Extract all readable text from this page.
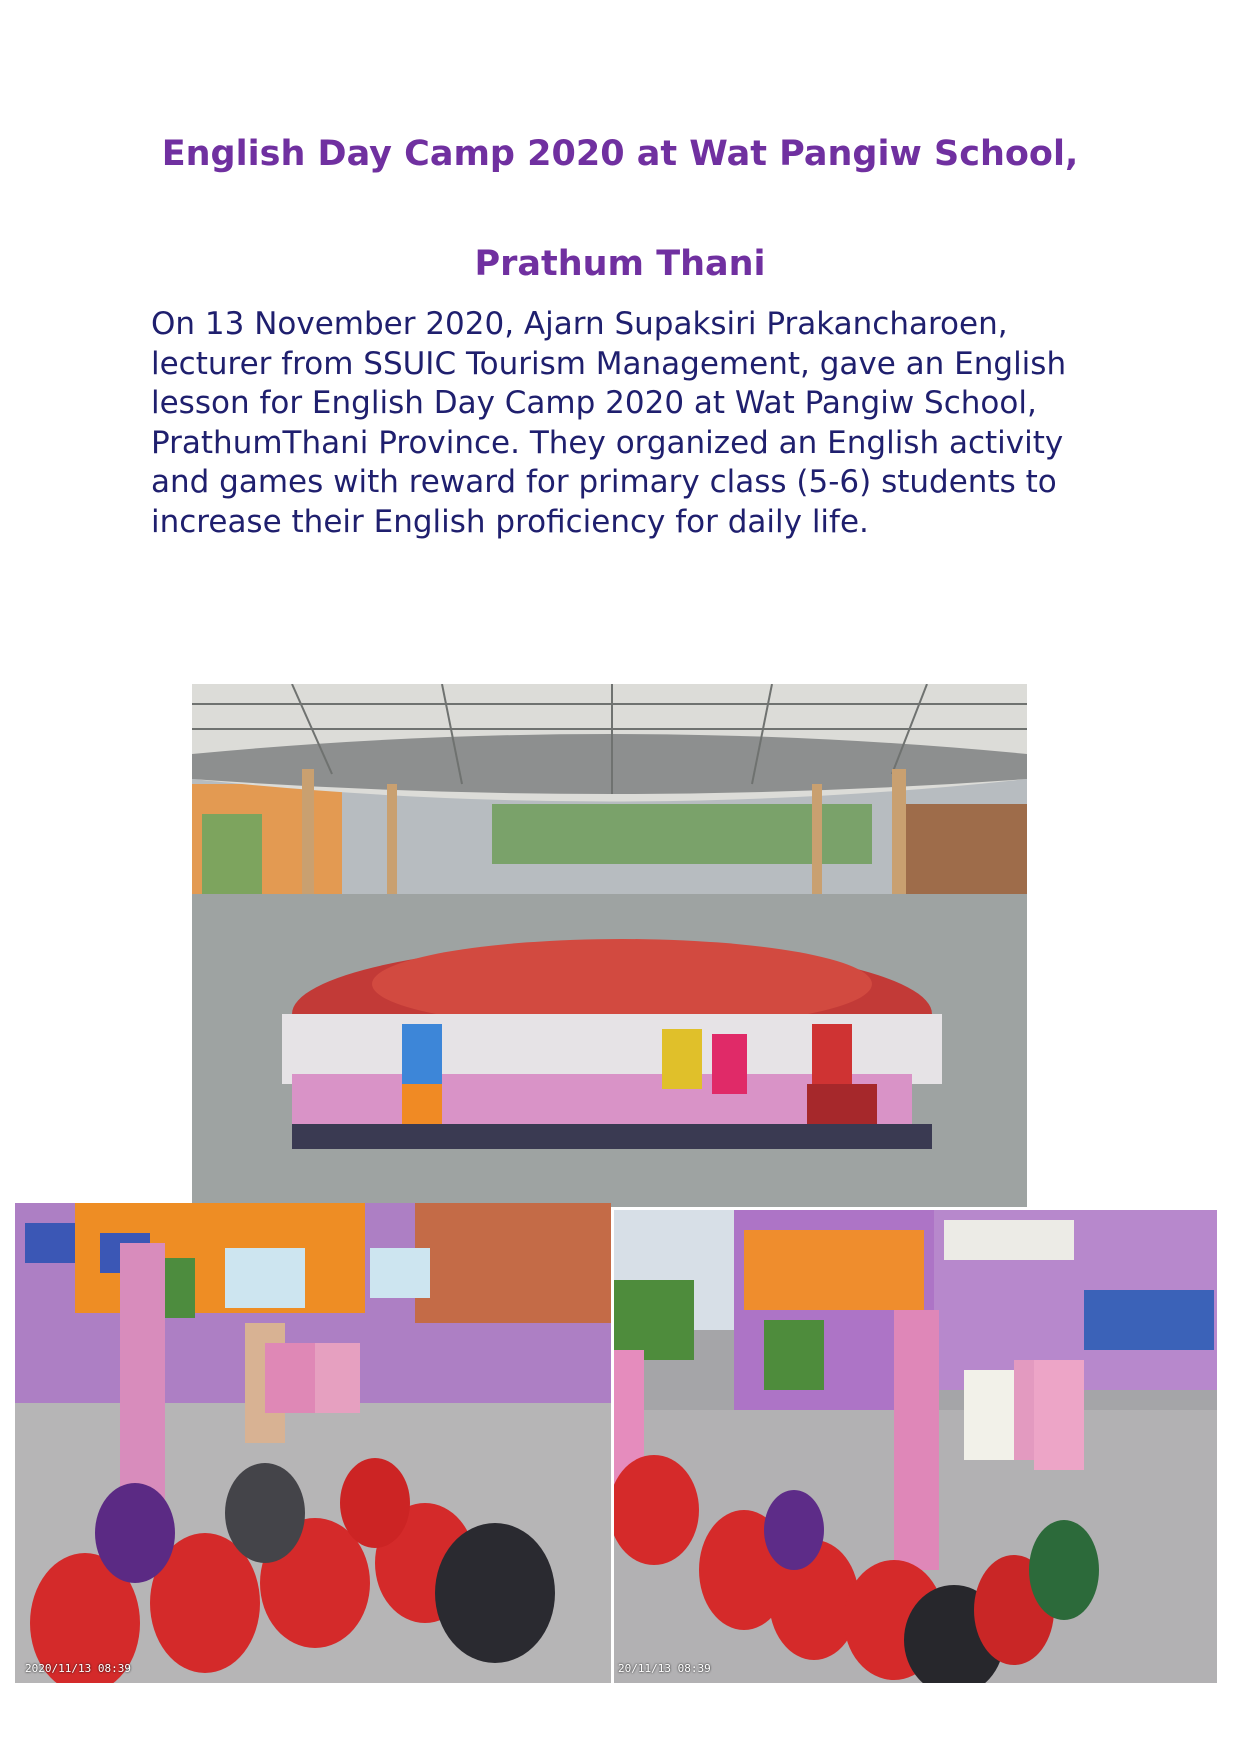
English Day Camp 2020 at Wat Pangiw School,
Prathum Thani

On 13 November 2020, Ajarn Supaksiri Prakancharoen, lecturer from SSUIC Tourism Management, gave an English lesson for English Day Camp 2020 at Wat Pangiw School, PrathumThani Province. They organized an English activity and games with reward for primary class (5-6) students to increase their English proficiency for daily life.

2020/11/13 08:39	20/11/13 08:39
